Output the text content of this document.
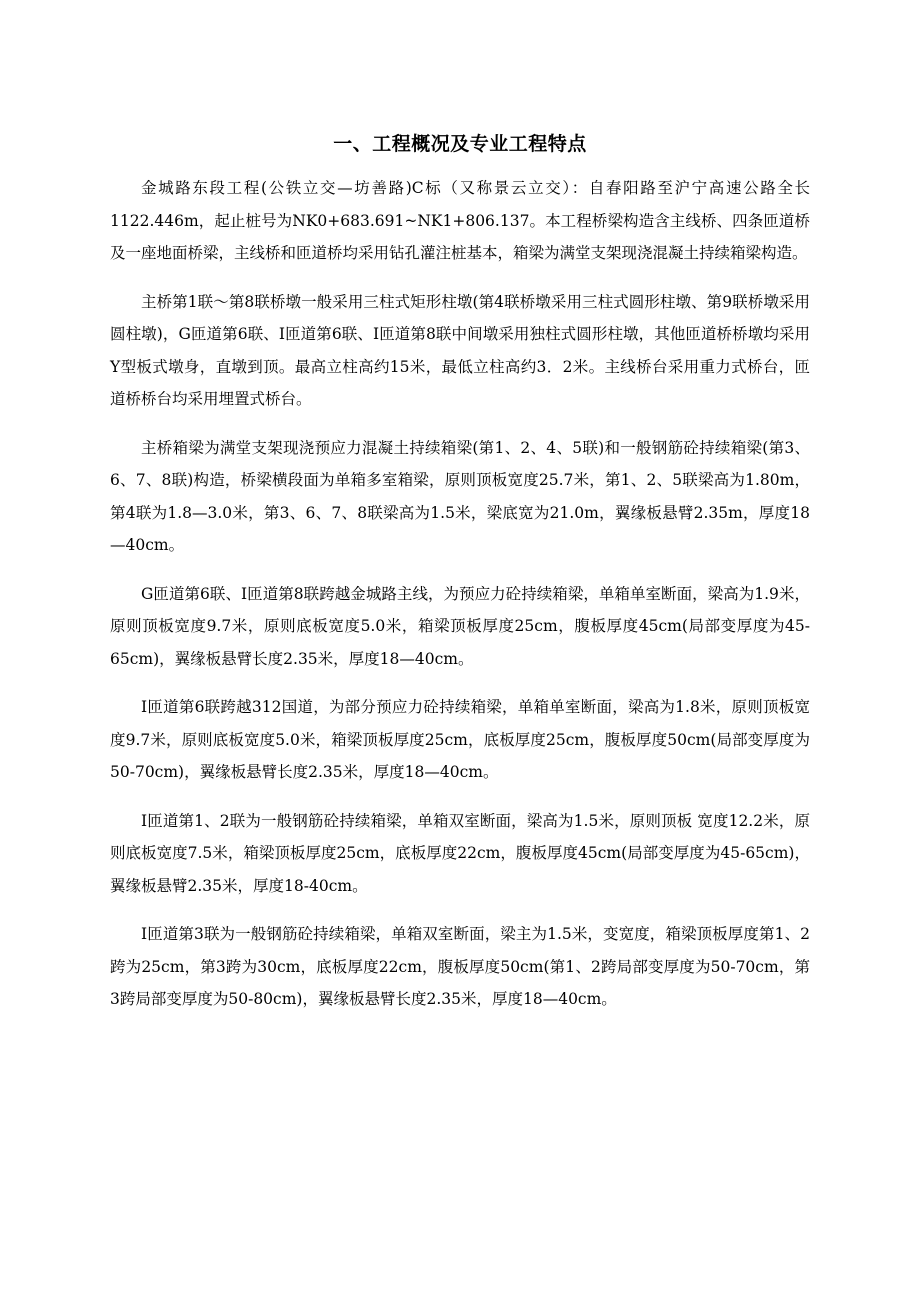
一、工程概况及专业工程特点

金城路东段工程(公铁立交—坊善路)C标（又称景云立交）：自春阳路至沪宁高速公路全长1122.446m，起止桩号为NK0+683.691~NK1+806.137。本工程桥梁构造含主线桥、四条匝道桥及一座地面桥梁，主线桥和匝道桥均采用钻孔灌注桩基本，箱梁为满堂支架现浇混凝土持续箱梁构造。

主桥第1联～第8联桥墩一般采用三柱式矩形柱墩(第4联桥墩采用三柱式圆形柱墩、第9联桥墩采用圆柱墩)，G匝道第6联、I匝道第6联、I匝道第8联中间墩采用独柱式圆形柱墩，其他匝道桥桥墩均采用Y型板式墩身，直墩到顶。最高立柱高约15米，最低立柱高约3．2米。主线桥台采用重力式桥台，匝道桥桥台均采用埋置式桥台。

主桥箱梁为满堂支架现浇预应力混凝土持续箱梁(第1、2、4、5联)和一般钢筋砼持续箱梁(第3、6、7、8联)构造，桥梁横段面为单箱多室箱梁，原则顶板宽度25.7米，第1、2、5联梁高为1.80m，第4联为1.8—3.0米，第3、6、7、8联梁高为1.5米，梁底宽为21.0m，翼缘板悬臂2.35m，厚度18—40cm。

G匝道第6联、I匝道第8联跨越金城路主线，为预应力砼持续箱梁，单箱单室断面，梁高为1.9米，原则顶板宽度9.7米，原则底板宽度5.0米，箱梁顶板厚度25cm，腹板厚度45cm(局部变厚度为45-65cm)，翼缘板悬臂长度2.35米，厚度18—40cm。

I匝道第6联跨越312国道，为部分预应力砼持续箱梁，单箱单室断面，梁高为1.8米，原则顶板宽度9.7米，原则底板宽度5.0米，箱梁顶板厚度25cm，底板厚度25cm，腹板厚度50cm(局部变厚度为50-70cm)，翼缘板悬臂长度2.35米，厚度18—40cm。

I匝道第1、2联为一般钢筋砼持续箱梁，单箱双室断面，梁高为1.5米，原则顶板 宽度12.2米，原则底板宽度7.5米，箱梁顶板厚度25cm，底板厚度22cm，腹板厚度45cm(局部变厚度为45-65cm)，翼缘板悬臂2.35米，厚度18-40cm。

I匝道第3联为一般钢筋砼持续箱梁，单箱双室断面，梁主为1.5米，变宽度，箱梁顶板厚度第1、2跨为25cm，第3跨为30cm，底板厚度22cm，腹板厚度50cm(第1、2跨局部变厚度为50-70cm，第3跨局部变厚度为50-80cm)，翼缘板悬臂长度2.35米，厚度18—40cm。
